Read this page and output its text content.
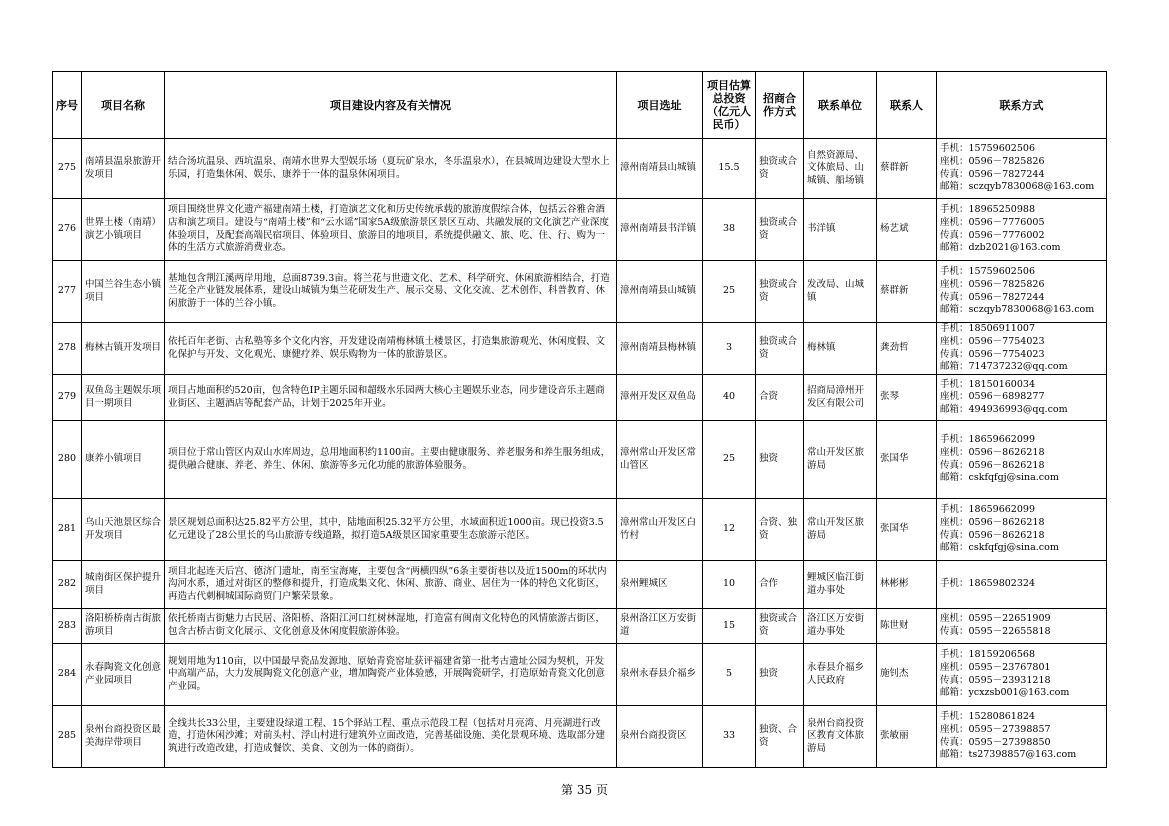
序号	项目名称	项目建设内容及有关情况	项目选址	项目估算总投资（亿元人民币）	招商合作方式	联系单位	联系人	联系方式
275	南靖县温泉旅游开发项目	结合汤坑温泉、西坑温泉、南靖水世界大型娱乐场（夏玩矿泉水，冬乐温泉水），在县城周边建设大型水上乐园，打造集休闲、娱乐、康养于一体的温泉休闲项目。	漳州南靖县山城镇	15.5	独资或合资	自然资源局、文体旅局、山城镇、船场镇	蔡群新	手机：15759602506
座机：0596－7825826
传真：0596－7827244
邮箱：sczqyb7830068@163.com

276	世界土楼（南靖）演艺小镇项目	项目围绕世界文化遗产福建南靖土楼，打造演艺文化和历史传统承载的旅游度假综合体，包括云谷雅舍酒店和演艺项目。建设与“南靖土楼”和“云水谣”国家5A级旅游景区景区互动、共融发展的文化演艺产业深度体验项目，及配套高端民宿项目、体验项目、旅游目的地项目，系统提供融文、旅、吃、住、行、购为一体的生活方式旅游消费业态。	漳州南靖县书洋镇	38	独资或合资	书洋镇	杨艺斌	手机：18965250988
座机：0596－7776005
传真：0596－7776002
邮箱：dzb2021@163.com

277	中国兰谷生态小镇项目	基地包含荆江溪两岸用地，总面8739.3亩。将兰花与世遗文化、艺术、科学研究、休闲旅游相结合，打造兰花全产业链发展体系，建设山城镇为集兰花研发生产、展示交易、文化交流、艺术创作、科普教育、休闲旅游于一体的兰谷小镇。	漳州南靖县山城镇	25	独资或合资	发改局、山城镇	蔡群新	手机：15759602506
座机：0596－7825826
传真：0596－7827244
邮箱：sczqyb7830068@163.com

278	梅林古镇开发项目	依托百年老街、古私塾等多个文化内容，开发建设南靖梅林镇土楼景区，打造集旅游观光、休闲度假、文化保护与开发、文化观光、康健疗养、娱乐购物为一体的旅游景区。	漳州南靖县梅林镇	3	独资或合资	梅林镇	龚劲哲	手机：18506911007
座机：0596－7754023
传真：0596－7754023
邮箱：714737232@qq.com

279	双鱼岛主题娱乐项目一期项目	项目占地面积约520亩，包含特色IP主题乐园和超级水乐园两大核心主题娱乐业态，同步建设音乐主题商业街区、主题酒店等配套产品，计划于2025年开业。	漳州开发区双鱼岛	40	合资	招商局漳州开发区有限公司	张琴	手机：18150160034
座机：0596－6898277
邮箱：494936993@qq.com

280	康养小镇项目	项目位于常山管区内双山水库周边，总用地面积约1100亩。主要由健康服务、养老服务和养生服务组成，提供融合健康、养老、养生、休闲、旅游等多元化功能的旅游体验服务。	漳州常山开发区常山管区	25	独资	常山开发区旅游局	张国华	手机：18659662099
座机：0596－8626218
传真：0596－8626218
邮箱：cskfqfgj@sina.com

281	乌山天池景区综合开发项目	景区规划总面积达25.82平方公里，其中，陆地面积25.32平方公里，水域面积近1000亩。现已投资3.5亿元建设了28公里长的乌山旅游专线道路，拟打造5A级景区国家重要生态旅游示范区。	漳州常山开发区白竹村	12	合资、独资	常山开发区旅游局	张国华	手机：18659662099
座机：0596－8626218
传真：0596－8626218
邮箱：cskfqfgj@sina.com

282	城南街区保护提升项目	项目北起连天后宫、德济门遗址，南至宝海庵，主要包含“两横四纵”6条主要街巷以及近1500m的环状内沟河水系，通过对街区的整修和提升，打造成集文化、休闲、旅游、商业、居住为一体的特色文化街区，再造古代刺桐城国际商贸门户繁荣景象。	泉州鲤城区	10	合作	鲤城区临江街道办事处	林彬彬	手机：18659802324

283	洛阳桥桥南古街旅游项目	依托桥南古街魅力古民居、洛阳桥、洛阳江河口红树林湿地，打造富有闽南文化特色的风情旅游古街区，包含古桥古街文化展示、文化创意及休闲度假旅游体验。	泉州洛江区万安街道	15	独资或合资	洛江区万安街道办事处	陈世财	座机：0595－22651909
传真：0595－22655818

284	永春陶瓷文化创意产业园项目	规划用地为110亩，以中国最早瓷品发源地、原始青瓷窑址获评福建省第一批考古遗址公园为契机，开发中高端产品，大力发展陶瓷文化创意产业，增加陶瓷产业体验感，开展陶瓷研学，打造原始青瓷文化创意产业园。	泉州永春县介福乡	5	独资	永春县介福乡人民政府	施钊杰	手机：18159206568
座机：0595－23767801
传真：0595－23931218
邮箱：ycxzsb001@163.com

285	泉州台商投资区最美海岸带项目	全线共长33公里，主要建设绿道工程、15个驿站工程、重点示范段工程（包括对月亮湾、月亮湖进行改造，打造休闲沙滩；对前头村、浮山村进行建筑外立面改造，完善基础设施、美化景观环境、选取部分建筑进行改造改建，打造成餐饮、美食、文创为一体的商街）。	泉州台商投资区	33	独资、合资	泉州台商投资区教育文体旅游局	张敏丽	手机：15280861824
座机：0595－27398857
传真：0595－27398850
邮箱：ts27398857@163.com
第 35 页
